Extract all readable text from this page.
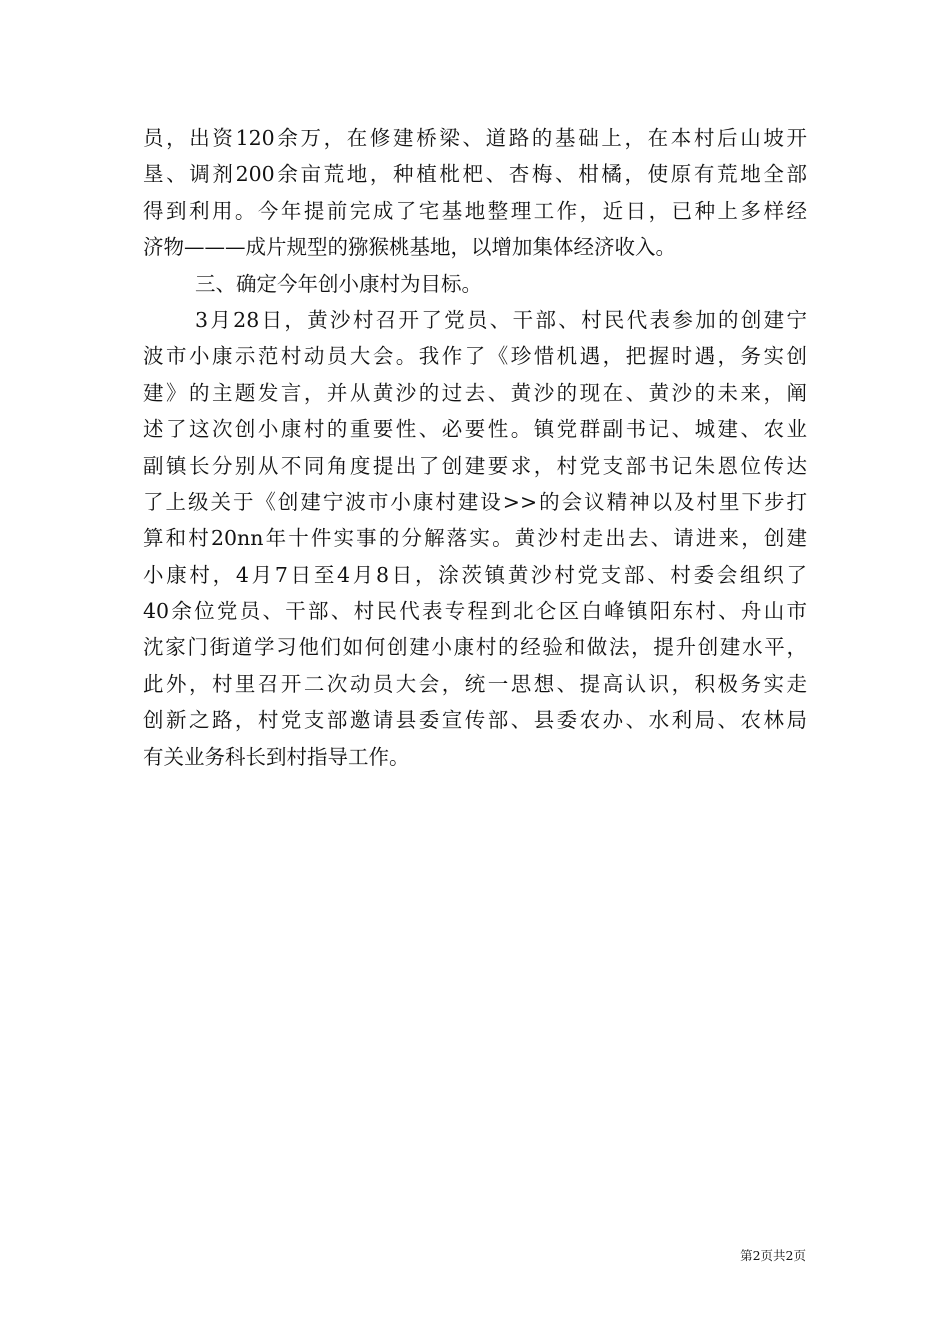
员，出资120余万，在修建桥梁、道路的基础上，在本村后山坡开
垦、调剂200余亩荒地，种植枇杷、杏梅、柑橘，使原有荒地全部
得到利用。今年提前完成了宅基地整理工作，近日，已种上多样经
济物———成片规型的猕猴桃基地，以增加集体经济收入。
三、确定今年创小康村为目标。
3月28日，黄沙村召开了党员、干部、村民代表参加的创建宁
波市小康示范村动员大会。我作了《珍惜机遇，把握时遇，务实创
建》的主题发言，并从黄沙的过去、黄沙的现在、黄沙的未来，阐
述了这次创小康村的重要性、必要性。镇党群副书记、城建、农业
副镇长分别从不同角度提出了创建要求，村党支部书记朱恩位传达
了上级关于《创建宁波市小康村建设>>的会议精神以及村里下步打
算和村20nn年十件实事的分解落实。黄沙村走出去、请进来，创建
小康村，4月7日至4月8日，涂茨镇黄沙村党支部、村委会组织了
40余位党员、干部、村民代表专程到北仑区白峰镇阳东村、舟山市
沈家门街道学习他们如何创建小康村的经验和做法，提升创建水平，
此外，村里召开二次动员大会，统一思想、提高认识，积极务实走
创新之路，村党支部邀请县委宣传部、县委农办、水利局、农林局
有关业务科长到村指导工作。
第2页共2页
